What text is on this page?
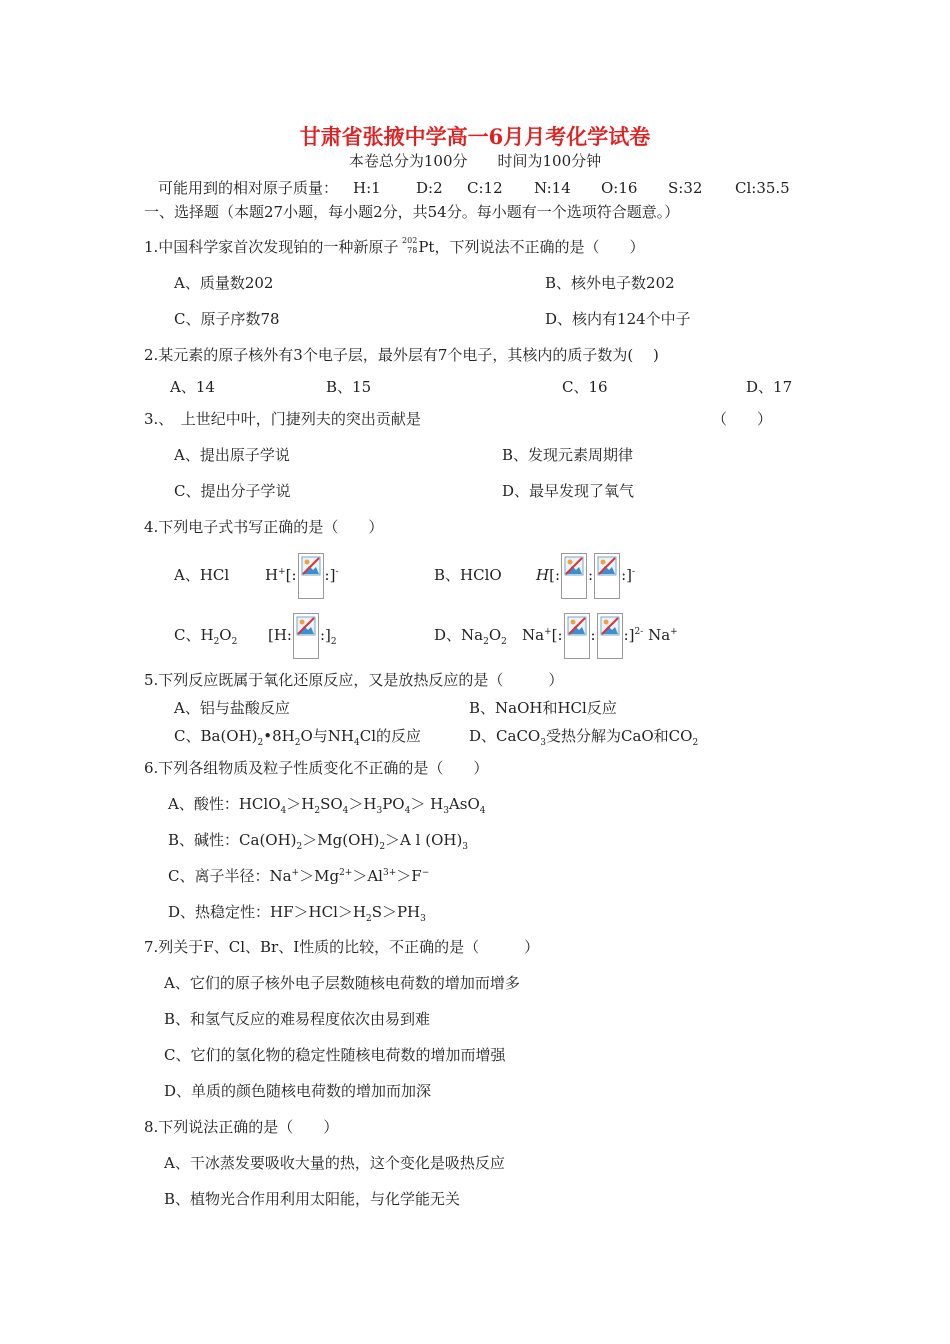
甘肃省张掖中学高一6月月考化学试卷
本卷总分为100分　　时间为100分钟
可能用到的相对原子质量： H:1 D:2 C:12 N:14 O:16 S:32 Cl:35.5
一、选择题（本题27小题，每小题2分，共54分。每小题有一个选项符合题意。）
1.中国科学家首次发现铂的一种新原子 202
78 Pt，下列说法不正确的是（　　）
A、质量数202	B、核外电子数202
C、原子序数78	D、核内有124个中子
2.某元素的原子核外有3个电子层，最外层有7个电子，其核内的质子数为(　 )
A、14	B、15	C、16	D、17
3.、　上世纪中叶，门捷列夫的突出贡献是	（　　）
A、提出原子学说	B、发现元素周期律
C、提出分子学说	D、最早发现了氧气
4.下列电子式书写正确的是（　　）
A、HCl H+[: :]-	B、HClO H[: : :]-
C、$H_2O_2$ [H: $:]_2$	D、$Na_2O_2$ Na+[: : :]$^{2-}$ Na+
5.下列反应既属于氧化还原反应，又是放热反应的是（　　　）
A、铝与盐酸反应	B、NaOH和HCl反应
C、$Ba(OH)_2•8H_2O$与$NH_4Cl$的反应	D、CaCO$_3$受热分解为CaO和$CO_2$
6.下列各组物质及粒子性质变化不正确的是（　　）
A、酸性：$HClO_4>H_2SO_4>H_3PO_4> H_3AsO_4$
B、碱性：$Ca(OH)_2>Mg(OH)_2>A$ l $(OH)_3$
C、离子半径：$Na^+>Mg^{2+}>Al^{3+}>F^-$
D、热稳定性：$HF>HCl>H_2S>PH_3$
7.列关于F、Cl、Br、I性质的比较，不正确的是（　　　）
A、它们的原子核外电子层数随核电荷数的增加而增多
B、和氢气反应的难易程度依次由易到难
C、它们的氢化物的稳定性随核电荷数的增加而增强
D、单质的颜色随核电荷数的增加而加深
8.下列说法正确的是（　　）
A、干冰蒸发要吸收大量的热，这个变化是吸热反应
B、植物光合作用利用太阳能，与化学能无关
